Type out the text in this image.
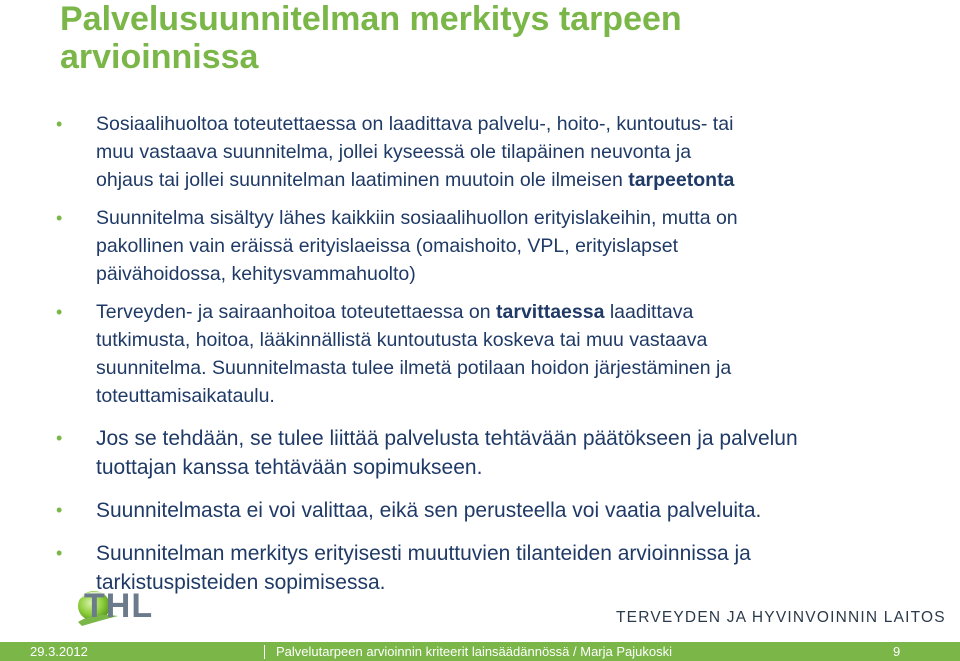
Palvelusuunnitelman merkitys tarpeen
arvioinnissa
• Sosiaalihuoltoa toteutettaessa on laadittava palvelu-, hoito-, kuntoutus- tai
muu vastaava suunnitelma, jollei kyseessä ole tilapäinen neuvonta ja
ohjaus tai jollei suunnitelman laatiminen muutoin ole ilmeisen tarpeetonta
• Suunnitelma sisältyy lähes kaikkiin sosiaalihuollon erityislakeihin, mutta on
pakollinen vain eräissä erityislaeissa (omaishoito, VPL, erityislapset
päivähoidossa, kehitysvammahuolto)
• Terveyden- ja sairaanhoitoa toteutettaessa on tarvittaessa laadittava
tutkimusta, hoitoa, lääkinnällistä kuntoutusta koskeva tai muu vastaava
suunnitelma. Suunnitelmasta tulee ilmetä potilaan hoidon järjestäminen ja
toteuttamisaikataulu.
• Jos se tehdään, se tulee liittää palvelusta tehtävään päätökseen ja palvelun
tuottajan kanssa tehtävään sopimukseen.
• Suunnitelmasta ei voi valittaa, eikä sen perusteella voi vaatia palveluita.
• Suunnitelman merkitys erityisesti muuttuvien tilanteiden arvioinnissa ja
tarkistuspisteiden sopimisessa.
THL	TERVEYDEN JA HYVINVOINNIN LAITOS
29.3.2012	Palvelutarpeen arvioinnin kriteerit lainsäädännössä / Marja Pajukoski	9
